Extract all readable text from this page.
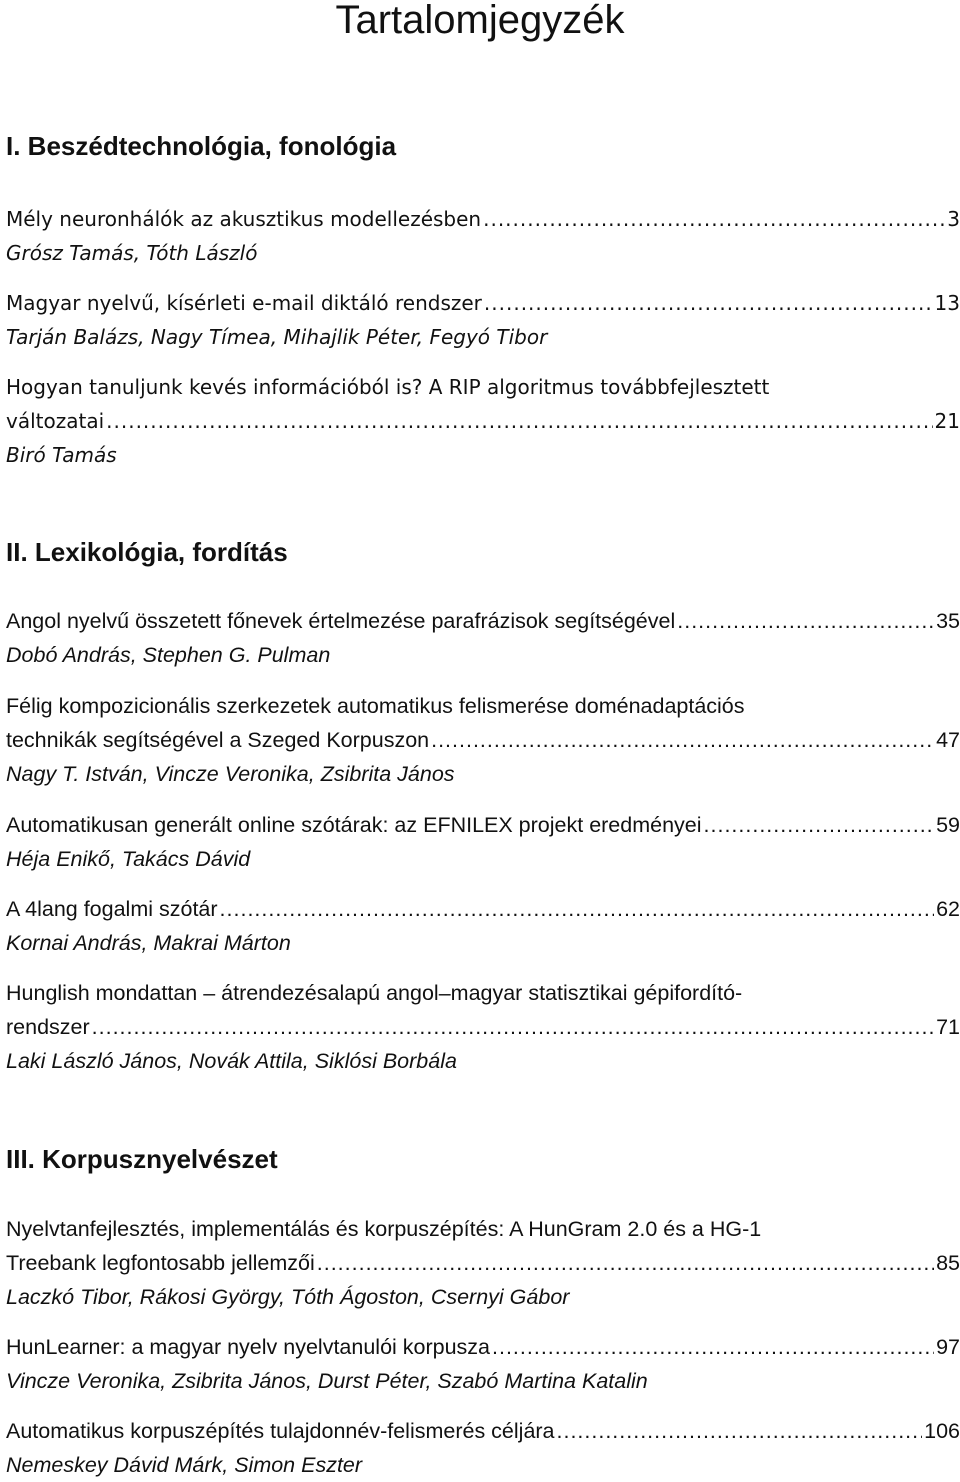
Tartalomjegyzék
I. Beszédtechnológia, fonológia
Mély neuronhálók az akusztikus modellezésben .....	3
Grósz Tamás, Tóth László
Magyar nyelvű, kísérleti e-mail diktáló rendszer .....	13
Tarján Balázs, Nagy Tímea, Mihajlik Péter, Fegyó Tibor
Hogyan tanuljunk kevés információból is? A RIP algoritmus továbbfejlesztett
változatai .....	21
Biró Tamás
II. Lexikológia, fordítás
Angol nyelvű összetett főnevek értelmezése parafrázisok segítségével .....	35
Dobó András, Stephen G. Pulman
Félig kompozicionális szerkezetek automatikus felismerése doménadaptációs
technikák segítségével a Szeged Korpuszon .....	47
Nagy T. István, Vincze Veronika, Zsibrita János
Automatikusan generált online szótárak: az EFNILEX projekt eredményei .....	59
Héja Enikő, Takács Dávid
A 4lang fogalmi szótár .....	62
Kornai András, Makrai Márton
Hunglish mondattan – átrendezésalapú angol–magyar statisztikai gépifordító-
rendszer .....	71
Laki László János, Novák Attila, Siklósi Borbála
III. Korpusznyelvészet
Nyelvtanfejlesztés, implementálás és korpuszépítés: A HunGram 2.0 és a HG-1
Treebank legfontosabb jellemzői .....	85
Laczkó Tibor, Rákosi György, Tóth Ágoston, Csernyi Gábor
HunLearner: a magyar nyelv nyelvtanulói korpusza .....	97
Vincze Veronika, Zsibrita János, Durst Péter, Szabó Martina Katalin
Automatikus korpuszépítés tulajdonnév-felismerés céljára .....	106
Nemeskey Dávid Márk, Simon Eszter
